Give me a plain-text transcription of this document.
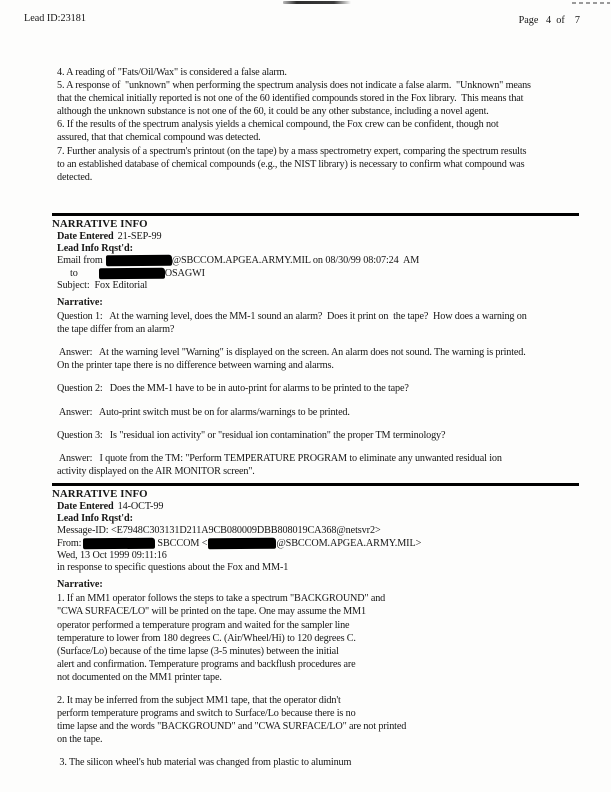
Lead ID:23181	Page   4  of    7
4. A reading of "Fats/Oil/Wax" is considered a false alarm.
5. A response of  "unknown" when performing the spectrum analysis does not indicate a false alarm.  "Unknown" means
that the chemical initially reported is not one of the 60 identified compounds stored in the Fox library.  This means that
although the unknown substance is not one of the 60, it could be any other substance, including a novel agent.
6. If the results of the spectrum analysis yields a chemical compound, the Fox crew can be confident, though not
assured, that that chemical compound was detected.
7. Further analysis of a spectrum's printout (on the tape) by a mass spectrometry expert, comparing the spectrum results
to an established database of chemical compounds (e.g., the NIST library) is necessary to confirm what compound was
detected.
NARRATIVE INFO
Date Entered 21-SEP-99
Lead Info Rqst'd:
Email from	@SBCCOM.APGEA.ARMY.MIL on 08/30/99 08:07:24  AM
to	OSAGWI
Subject:  Fox Editorial
Narrative:
Question 1:   At the warning level, does the MM-1 sound an alarm?  Does it print on  the tape?  How does a warning on
the tape differ from an alarm?
Answer:   At the warning level "Warning" is displayed on the screen. An alarm does not sound. The warning is printed.
On the printer tape there is no difference between warning and alarms.
Question 2:   Does the MM-1 have to be in auto-print for alarms to be printed to the tape?
Answer:   Auto-print switch must be on for alarms/warnings to be printed.
Question 3:   Is "residual ion activity" or "residual ion contamination" the proper TM terminology?
Answer:   I quote from the TM: "Perform TEMPERATURE PROGRAM to eliminate any unwanted residual ion
activity displayed on the AIR MONITOR screen".
NARRATIVE INFO
Date Entered 14-OCT-99
Lead Info Rqst'd:
Message-ID: <E7948C303131D211A9CB080009DBB808019CA368@netsvr2>
From:	SBCCOM <	@SBCCOM.APGEA.ARMY.MIL>
Wed, 13 Oct 1999 09:11:16
in response to specific questions about the Fox and MM-1
Narrative:
1. If an MM1 operator follows the steps to take a spectrum "BACKGROUND" and
"CWA SURFACE/LO" will be printed on the tape. One may assume the MM1
operator performed a temperature program and waited for the sampler line
temperature to lower from 180 degrees C. (Air/Wheel/Hi) to 120 degrees C.
(Surface/Lo) because of the time lapse (3-5 minutes) between the initial
alert and confirmation. Temperature programs and backflush procedures are
not documented on the MM1 printer tape.
2. It may be inferred from the subject MM1 tape, that the operator didn't
perform temperature programs and switch to Surface/Lo because there is no
time lapse and the words "BACKGROUND" and "CWA SURFACE/LO" are not printed
on the tape.
3. The silicon wheel's hub material was changed from plastic to aluminum
